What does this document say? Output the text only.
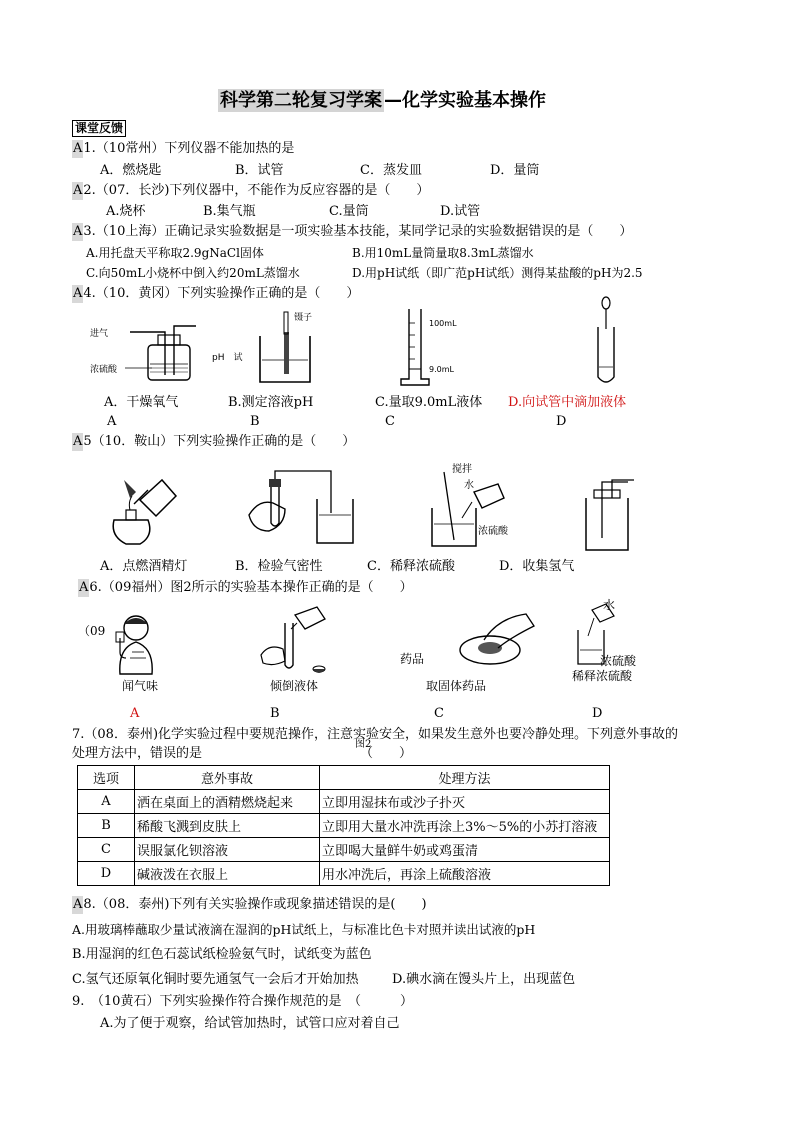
科学第二轮复习学案 —化学实验基本操作
课堂反馈
A1.（10常州）下列仪器不能加热的是
A．燃烧匙	B．试管	C．蒸发皿	D．量筒
A2.（07．长沙)下列仪器中，不能作为反应容器的是（　　）
A.烧杯	B.集气瓶	C.量筒	D.试管
A3.（10上海）正确记录实验数据是一项实验基本技能，某同学记录的实验数据错误的是（　　）
A.用托盘天平称取2.9gNaCl固体	B.用10mL量筒量取8.3mL蒸馏水
C.向50mL小烧杯中倒入约20mL蒸馏水	D.用pH试纸（即广范pH试纸）测得某盐酸的pH为2.5
A4.（10．黄冈）下列实验操作正确的是（　　）
进气
浓硫酸
镊子
pH　试
100mL
9.0mL
A．干燥氧气	B.测定溶液pH	C.量取9.0mL液体 D.向试管中滴加液体
A	B	C	D
A5（10．鞍山）下列实验操作正确的是（　　）
搅拌
水
浓硫酸
A．点燃酒精灯	B．检验气密性	C．稀释浓硫酸	D．收集氢气
A6.（09福州）图2所示的实验基本操作正确的是（　　）
（09
闻气味	倾倒液体
药品
取固体药品
水
浓硫酸
稀释浓硫酸
A	B	C	D
7.（08．泰州)化学实验过程中要规范操作，注意实验安全，如果发生意外也要冷静处理。下列意外事故的
处理方法中，错误的是
图2
（　　）
选项	意外事故	处理方法
A	洒在桌面上的酒精燃烧起来	立即用湿抹布或沙子扑灭
B	稀酸飞溅到皮肤上	立即用大量水冲洗再涂上3%～5%的小苏打溶液
C	误服氯化钡溶液	立即喝大量鲜牛奶或鸡蛋清
D	碱液泼在衣服上	用水冲洗后，再涂上硫酸溶液
A8.（08．泰州)下列有关实验操作或现象描述错误的是(　　)
A.用玻璃棒蘸取少量试液滴在湿润的pH试纸上，与标准比色卡对照并读出试液的pH
B.用湿润的红色石蕊试纸检验氨气时，试纸变为蓝色
C.氢气还原氧化铜时要先通氢气一会后才开始加热	D.碘水滴在馒头片上，出现蓝色
9.　（10黄石）下列实验操作符合操作规范的是　（　　　）
A.为了便于观察，给试管加热时，试管口应对着自己
